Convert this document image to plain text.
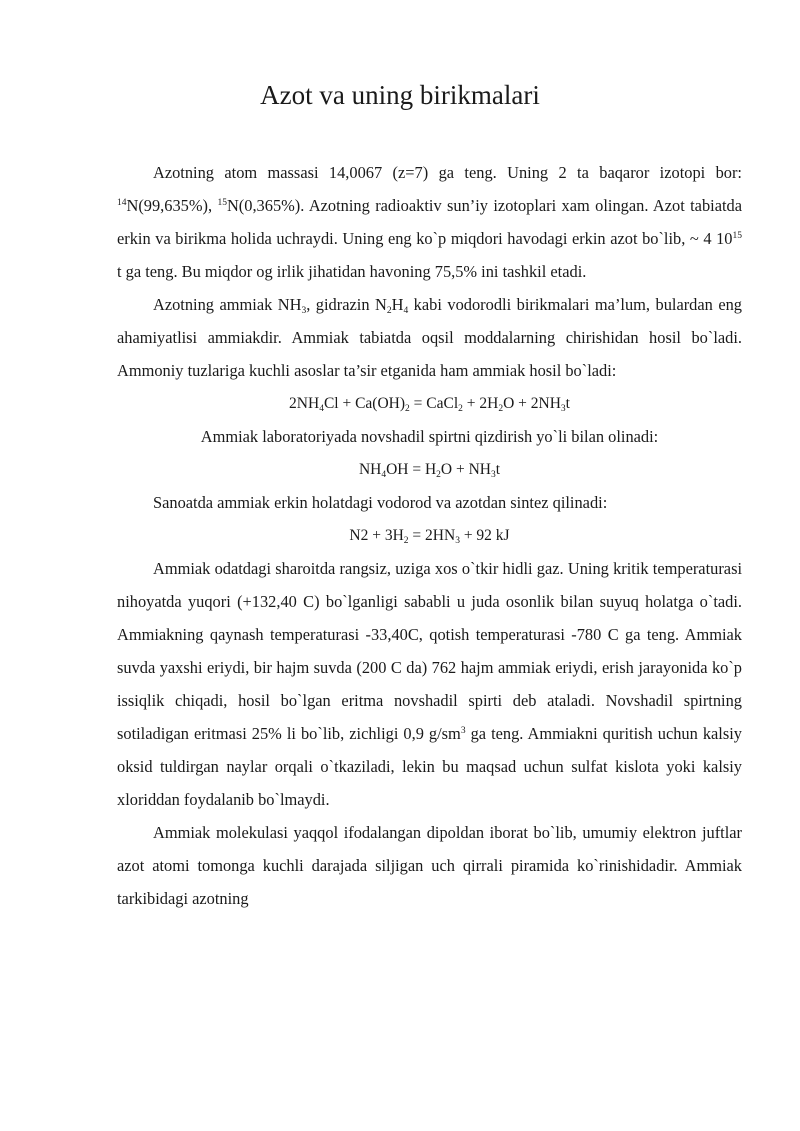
Azot va uning birikmalari

Azotning atom massasi 14,0067 (z=7) ga teng. Uning 2 ta baqaror izotopi bor: $^{14}$N(99,635%), $^{15}$N(0,365%). Azotning radioaktiv sun’iy izotoplari xam olingan. Azot tabiatda erkin va birikma holida uchraydi. Uning eng ko`p miqdori havodagi erkin azot bo`lib, ~ 4 $10^{15}$ t ga teng. Bu miqdor og irlik jihatidan havoning 75,5% ini tashkil etadi.

Azotning ammiak $NH_3$, gidrazin $N_2H_4$ kabi vodorodli birikmalari ma’lum, bulardan eng ahamiyatlisi ammiakdir. Ammiak tabiatda oqsil moddalarning chirishidan hosil bo`ladi. Ammoniy tuzlariga kuchli asoslar ta’sir etganida ham ammiak hosil bo`ladi:

$2NH_4Cl + Ca(OH)_2$ = CaCl$_2$ + $2H_2O + 2NH_3t$
Ammiak laboratoriyada novshadil spirtni qizdirish yo`li bilan olinadi:
$NH_4OH = H_2O + NH_3t$

Sanoatda ammiak erkin holatdagi vodorod va azotdan sintez qilinadi:

$N2 + 3H_2 = 2HN_3 + 92$ kJ

Ammiak odatdagi sharoitda rangsiz, uziga xos o`tkir hidli gaz. Uning kritik temperaturasi nihoyatda yuqori (+132,40 C) bo`lganligi sababli u juda osonlik bilan suyuq holatga o`tadi. Ammiakning qaynash temperaturasi -33,40C, qotish temperaturasi -780 C ga teng. Ammiak suvda yaxshi eriydi, bir hajm suvda (200 C da) 762 hajm ammiak eriydi, erish jarayonida ko`p issiqlik chiqadi, hosil bo`lgan eritma novshadil spirti deb ataladi. Novshadil spirtning sotiladigan eritmasi 25% li bo`lib, zichligi 0,9 $g/sm^3$ ga teng. Ammiakni quritish uchun kalsiy oksid tuldirgan naylar orqali o`tkaziladi, lekin bu maqsad uchun sulfat kislota yoki kalsiy xloriddan foydalanib bo`lmaydi.

Ammiak molekulasi yaqqol ifodalangan dipoldan iborat bo`lib, umumiy elektron juftlar azot atomi tomonga kuchli darajada siljigan uch qirrali piramida ko`rinishidadir. Ammiak tarkibidagi azotning
